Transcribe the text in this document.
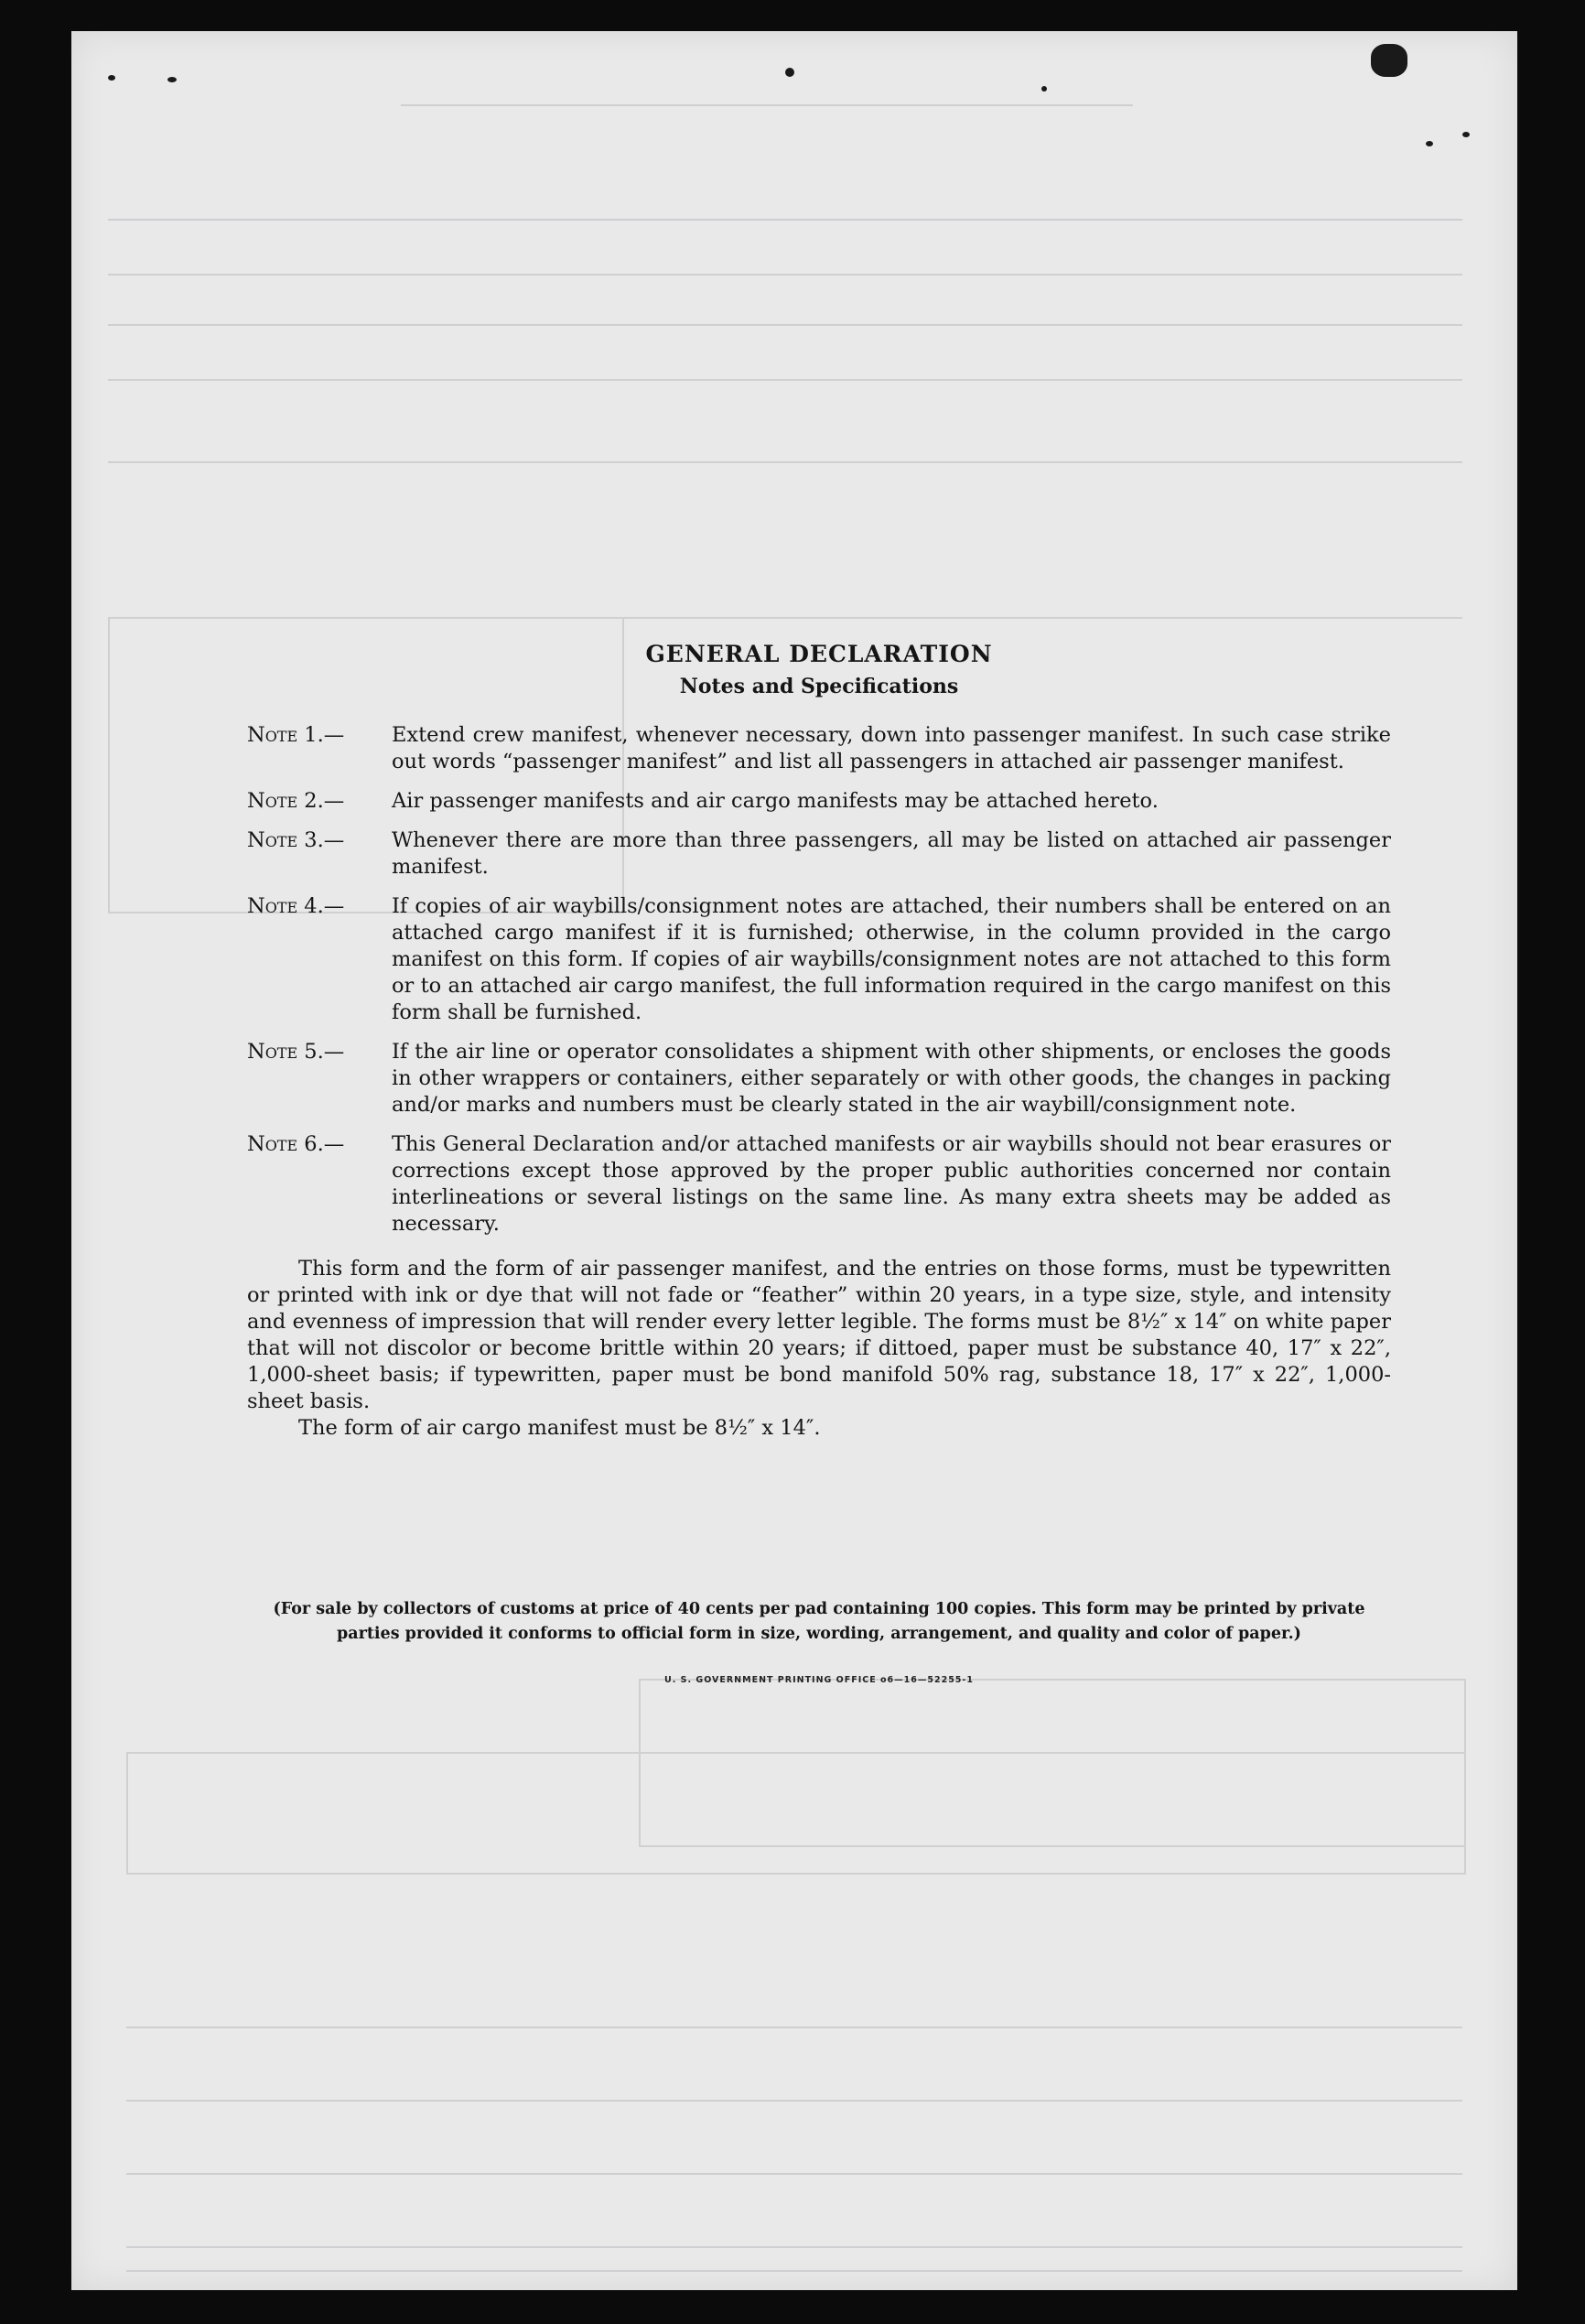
GENERAL DECLARATION
Notes and Specifications
Note 1.—	Extend crew manifest, whenever necessary, down into passenger manifest. In such case strike out words “passenger manifest” and list all passengers in attached air passenger manifest.
Note 2.—	Air passenger manifests and air cargo manifests may be attached hereto.
Note 3.—	Whenever there are more than three passengers, all may be listed on attached air passenger manifest.
Note 4.—	If copies of air waybills/consignment notes are attached, their numbers shall be entered on an attached cargo manifest if it is furnished; otherwise, in the column provided in the cargo manifest on this form. If copies of air waybills/consignment notes are not attached to this form or to an attached air cargo manifest, the full information required in the cargo manifest on this form shall be furnished.
Note 5.—	If the air line or operator consolidates a shipment with other shipments, or encloses the goods in other wrappers or containers, either separately or with other goods, the changes in packing and/or marks and numbers must be clearly stated in the air waybill/consignment note.
Note 6.—	This General Declaration and/or attached manifests or air waybills should not bear erasures or corrections except those approved by the proper public authorities concerned nor contain interlineations or several listings on the same line. As many extra sheets may be added as necessary.
This form and the form of air passenger manifest, and the entries on those forms, must be typewritten or printed with ink or dye that will not fade or “feather” within 20 years, in a type size, style, and intensity and evenness of impression that will render every letter legible. The forms must be 8½″ x 14″ on white paper that will not discolor or become brittle within 20 years; if dittoed, paper must be substance 40, 17″ x 22″, 1,000-sheet basis; if typewritten, paper must be bond manifold 50% rag, substance 18, 17″ x 22″, 1,000-sheet basis.
The form of air cargo manifest must be 8½″ x 14″.
(For sale by collectors of customs at price of 40 cents per pad containing 100 copies. This form may be printed by private parties provided it conforms to official form in size, wording, arrangement, and quality and color of paper.)
U. S. GOVERNMENT PRINTING OFFICE o6—16—52255-1
